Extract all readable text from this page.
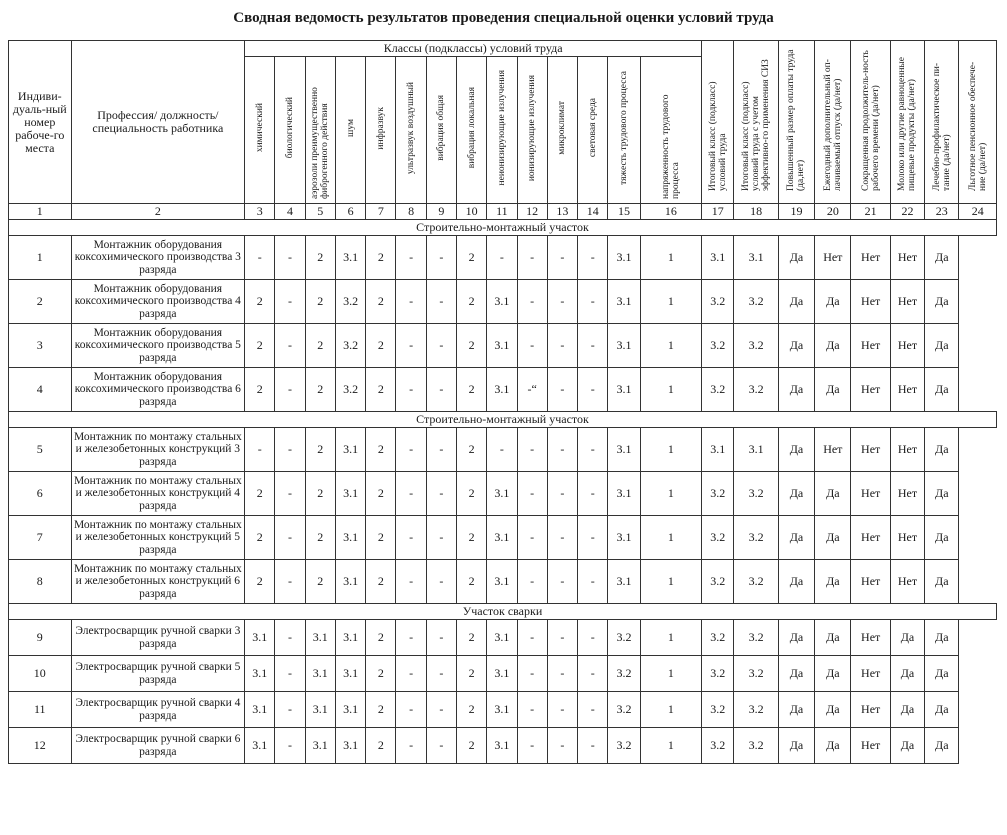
Сводная ведомость результатов проведения специальной оценки условий труда
Индиви-дуаль-ный номер рабоче-го места	Профессия/ должность/ специальность работника	Классы (подклассы) условий труда														Итоговый класс (подкласс) условий труда	Итоговый класс (подкласс) условий труда с учетом эффективно-го применения СИЗ	Повышенный размер оплаты труда (да,нет)	Ежегодный дополнительный оп-лачиваемый отпуск (да/нет)	Сокращенная продолжитель-ность рабочего времени (да/нет)	Молоко или другие равноценные пищевые продукты (да/нет)	Лечебно-профилактическое пи-тание (да/нет)	Льготное пенсионное обеспече-ние (да/нет)
		химический	биологический	аэрозоли преимущественно фиброгенного действия	шум	инфразвук	ультразвук воздушный	вибрация общая	вибрация локальная	неионизирующие излучения	ионизирующие излучения	микроклимат	световая среда	тяжесть трудового процесса	напряженность трудового процесса								
1	2	3	4	5	6	7	8	9	10	11	12	13	14	15	16	17	18	19	20	21	22	23	24
Строительно-монтажный участок																							
1	Монтажник оборудования коксохимического производства 3 разряда	-	-	2	3.1	2	-	-	2	-	-	-	-	3.1	1	3.1	3.1	Да	Нет	Нет	Нет	Да	
2	Монтажник оборудования коксохимического производства 4 разряда	2	-	2	3.2	2	-	-	2	3.1	-	-	-	3.1	1	3.2	3.2	Да	Да	Нет	Нет	Да	
3	Монтажник оборудования коксохимического производства 5 разряда	2	-	2	3.2	2	-	-	2	3.1	-	-	-	3.1	1	3.2	3.2	Да	Да	Нет	Нет	Да	
4	Монтажник оборудования коксохимического производства 6 разряда	2	-	2	3.2	2	-	-	2	3.1	-“	-	-	3.1	1	3.2	3.2	Да	Да	Нет	Нет	Да	
Строительно-монтажный участок																							
5	Монтажник по монтажу стальных и железобетонных конструкций 3 разряда	-	-	2	3.1	2	-	-	2	-	-	-	-	3.1	1	3.1	3.1	Да	Нет	Нет	Нет	Да	
6	Монтажник по монтажу стальных и железобетонных конструкций 4 разряда	2	-	2	3.1	2	-	-	2	3.1	-	-	-	3.1	1	3.2	3.2	Да	Да	Нет	Нет	Да	
7	Монтажник по монтажу стальных и железобетонных конструкций 5 разряда	2	-	2	3.1	2	-	-	2	3.1	-	-	-	3.1	1	3.2	3.2	Да	Да	Нет	Нет	Да	
8	Монтажник по монтажу стальных и железобетонных конструкций 6 разряда	2	-	2	3.1	2	-	-	2	3.1	-	-	-	3.1	1	3.2	3.2	Да	Да	Нет	Нет	Да	
Участок сварки																							
9	Электросварщик ручной сварки 3 разряда	3.1	-	3.1	3.1	2	-	-	2	3.1	-	-	-	3.2	1	3.2	3.2	Да	Да	Нет	Да	Да	
10	Электросварщик ручной сварки 5 разряда	3.1	-	3.1	3.1	2	-	-	2	3.1	-	-	-	3.2	1	3.2	3.2	Да	Да	Нет	Да	Да	
11	Электросварщик ручной сварки 4 разряда	3.1	-	3.1	3.1	2	-	-	2	3.1	-	-	-	3.2	1	3.2	3.2	Да	Да	Нет	Да	Да	
12	Электросварщик ручной сварки 6 разряда	3.1	-	3.1	3.1	2	-	-	2	3.1	-	-	-	3.2	1	3.2	3.2	Да	Да	Нет	Да	Да	
